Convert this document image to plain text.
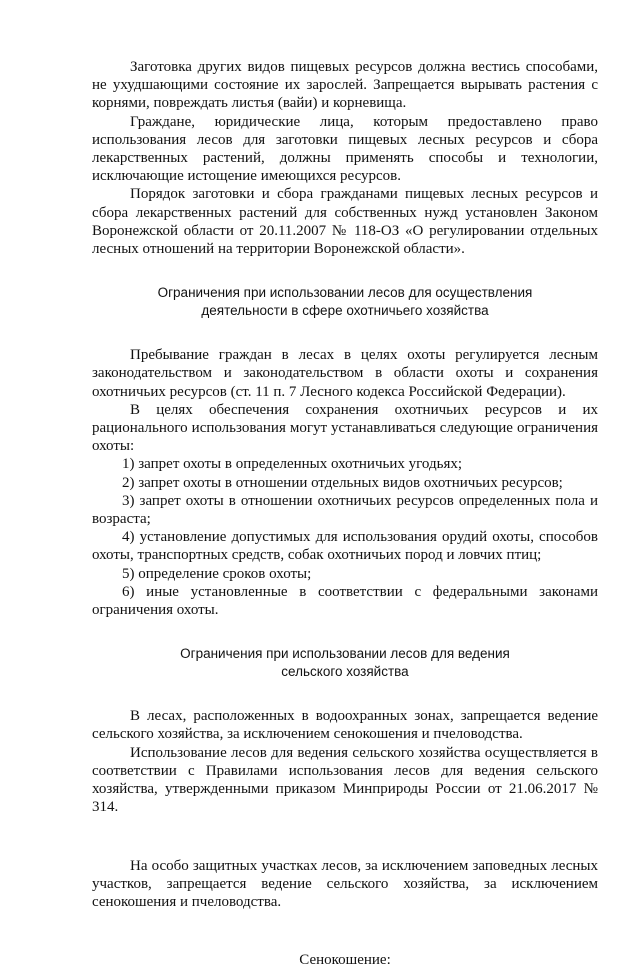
Заготовка других видов пищевых ресурсов должна вестись способами, не ухудшающими состояние их зарослей. Запрещается вырывать растения с корнями, повреждать листья (вайи) и корневища.

Граждане, юридические лица, которым предоставлено право использования лесов для заготовки пищевых лесных ресурсов и сбора лекарственных растений, должны применять способы и технологии, исключающие истощение имеющихся ресурсов.

Порядок заготовки и сбора гражданами пищевых лесных ресурсов и сбора лекарственных растений для собственных нужд установлен Законом Воронежской области от 20.11.2007 № 118-ОЗ «О регулировании отдельных лесных отношений на территории Воронежской области».

Ограничения при использовании лесов для осуществления
деятельности в сфере охотничьего хозяйства

Пребывание граждан в лесах в целях охоты регулируется лесным законодательством и законодательством в области охоты и сохранения охотничьих ресурсов (ст. 11 п. 7 Лесного кодекса Российской Федерации).

В целях обеспечения сохранения охотничьих ресурсов и их рационального использования могут устанавливаться следующие ограничения охоты:

1) запрет охоты в определенных охотничьих угодьях;

2) запрет охоты в отношении отдельных видов охотничьих ресурсов;

3) запрет охоты в отношении охотничьих ресурсов определенных пола и возраста;

4) установление допустимых для использования орудий охоты, способов охоты, транспортных средств, собак охотничьих пород и ловчих птиц;

5) определение сроков охоты;

6) иные установленные в соответствии с федеральными законами ограничения охоты.

Ограничения при использовании лесов для ведения
сельского хозяйства

В лесах, расположенных в водоохранных зонах, запрещается ведение сельского хозяйства, за исключением сенокошения и пчеловодства.

Использование лесов для ведения сельского хозяйства осуществляется в соответствии с Правилами использования лесов для ведения сельского хозяйства, утвержденными приказом Минприроды России от 21.06.2017 № 314.

На особо защитных участках лесов, за исключением заповедных лесных участков, запрещается ведение сельского хозяйства, за исключением сенокошения и пчеловодства.

Сенокошение:
